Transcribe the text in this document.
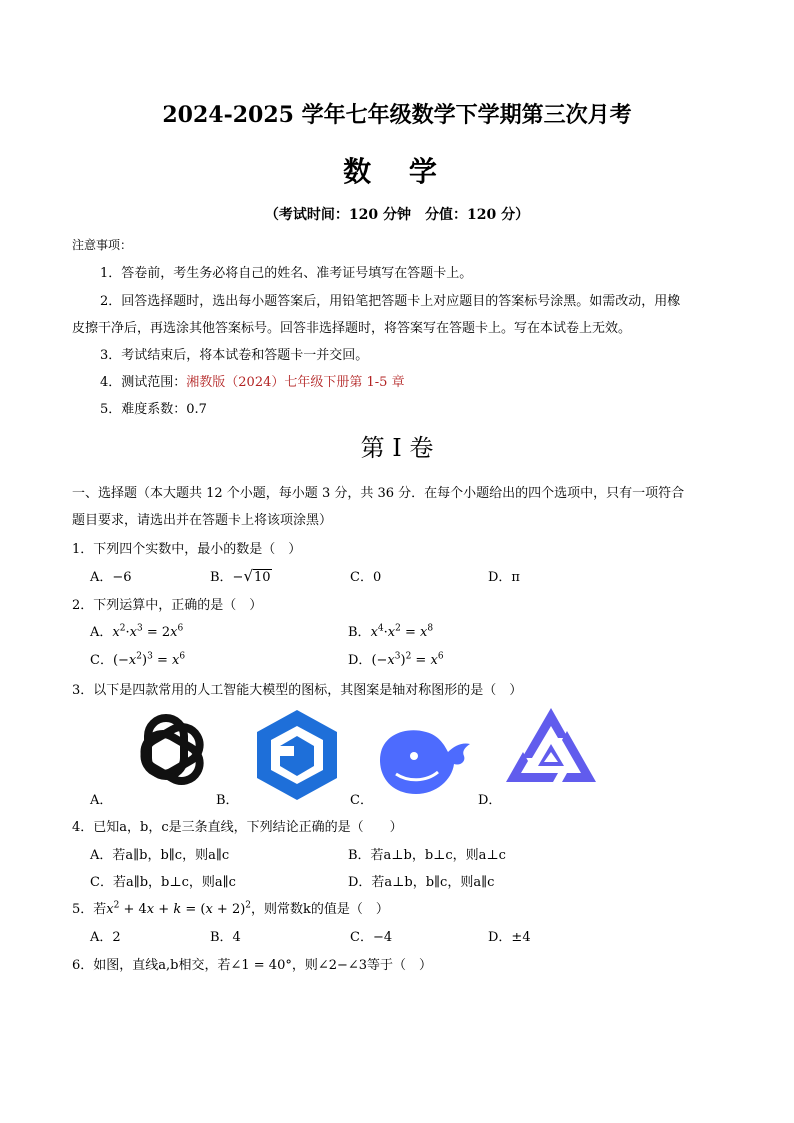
2024-2025 学年七年级数学下学期第三次月考
数 学
（考试时间：120 分钟　分值：120 分）
注意事项：
1．答卷前，考生务必将自己的姓名、准考证号填写在答题卡上。
2．回答选择题时，选出每小题答案后，用铅笔把答题卡上对应题目的答案标号涂黑。如需改动，用橡
皮擦干净后，再选涂其他答案标号。回答非选择题时，将答案写在答题卡上。写在本试卷上无效。
3．考试结束后，将本试卷和答题卡一并交回。
4．测试范围：湘教版（2024）七年级下册第 1-5 章
5．难度系数：0.7
第 I 卷
一、选择题（本大题共 12 个小题，每小题 3 分，共 36 分．在每个小题给出的四个选项中，只有一项符合
题目要求，请选出并在答题卡上将该项涂黑）
1．下列四个实数中，最小的数是（　）
A．−6	B．−√10	C．0	D．π
2．下列运算中，正确的是（　）
A．$x^2\cdot x^3 = 2x^6$	B．$x^4\cdot x^2 = x^8$
C．$(-x^2)^3 = x^6$	D．$(-x^3)^2 = x^6$
3．以下是四款常用的人工智能大模型的图标，其图案是轴对称图形的是（　）
A．	B．	C．	D．
4．已知a，b，c是三条直线，下列结论正确的是（　　）
A．若a∥b，b∥c，则a∥c	B．若a⊥b，b⊥c，则a⊥c
C．若a∥b，b⊥c，则a∥c	D．若a⊥b，b∥c，则a∥c
5．若$x^2 + 4x + k = (x + 2)^2$，则常数k的值是（　）
A．2	B．4	C．−4	D．±4
6．如图，直线a,b相交，若∠1 = 40°，则∠2−∠3等于（　）
